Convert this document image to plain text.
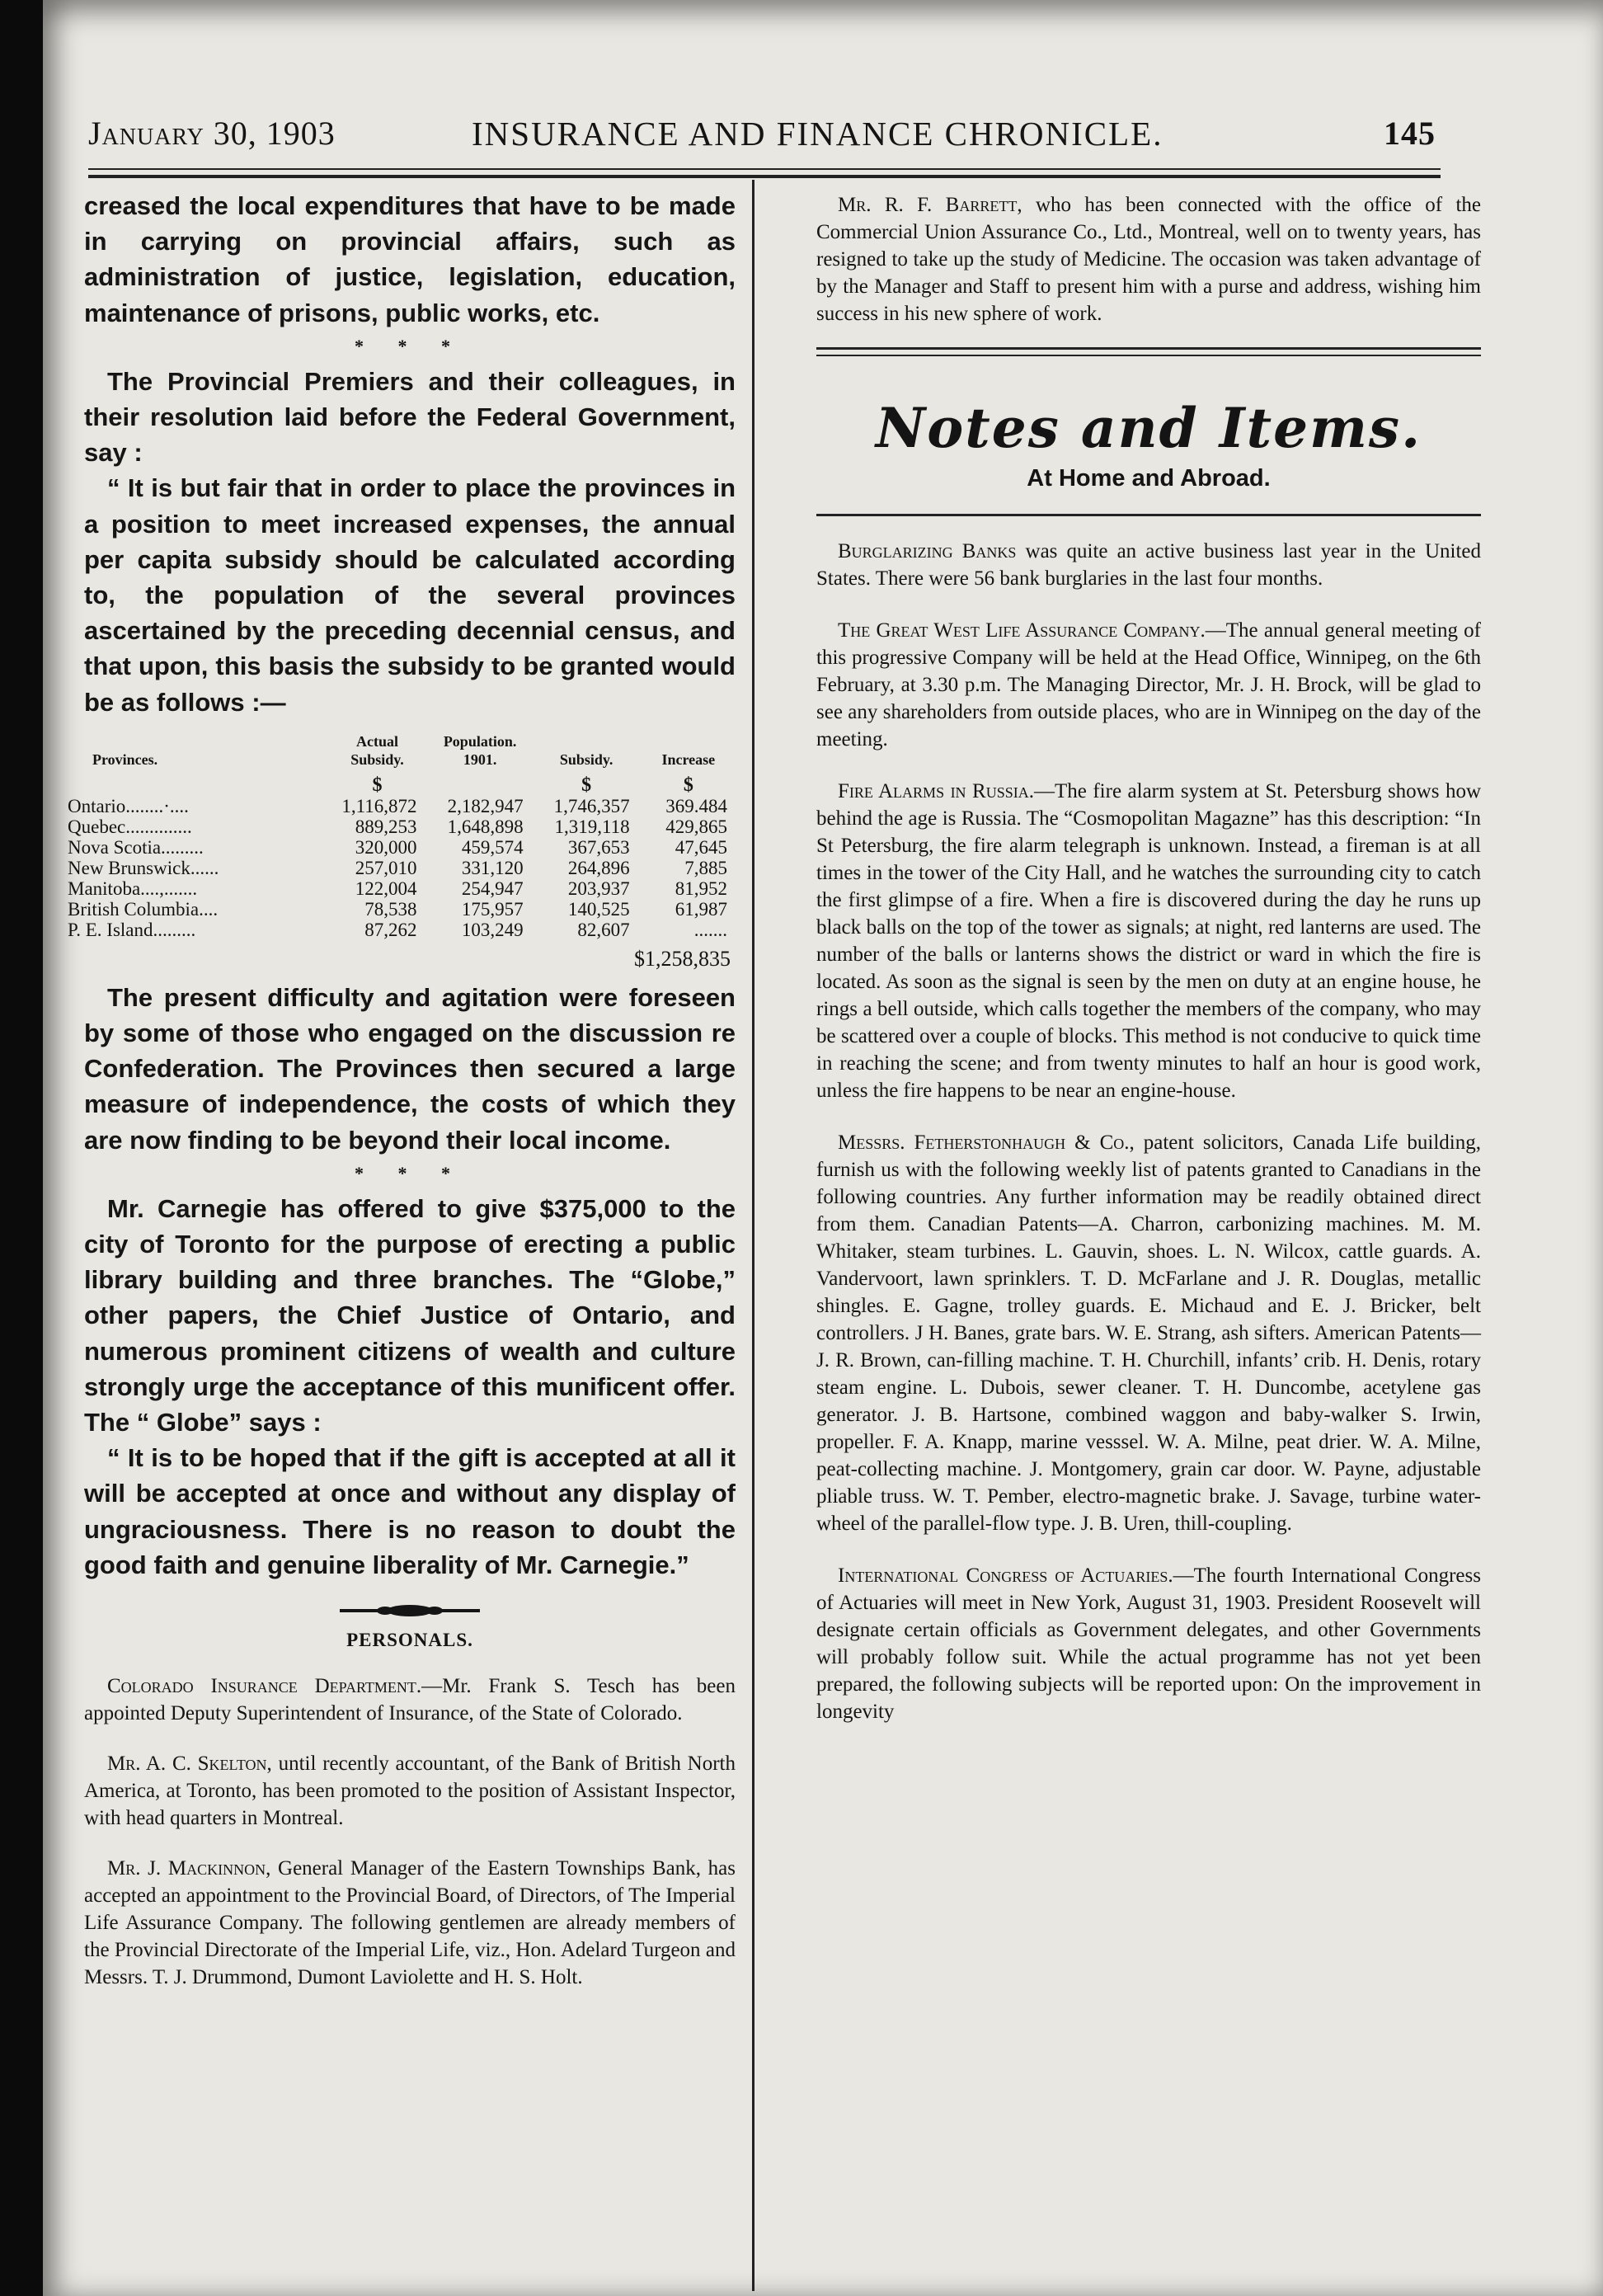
January 30, 1903	INSURANCE AND FINANCE CHRONICLE.	145

creased the local expenditures that have to be made in carrying on provincial affairs, such as administration of justice, legislation, education, maintenance of prisons, public works, etc.

* * *

The Provincial Premiers and their colleagues, in their resolution laid before the Federal Government, say :

“ It is but fair that in order to place the provinces in a position to meet increased expenses, the annual per capita subsidy should be calculated according to, the population of the several provinces ascertained by the preceding decennial census, and that upon, this basis the subsidy to be granted would be as follows :—

Provinces.	Actual Subsidy.	Population. 1901.	Subsidy.	Increase
	$		$	$
Ontario........·....	1,116,872	2,182,947	1,746,357	369.484
Quebec..............	889,253	1,648,898	1,319,118	429,865
Nova Scotia.........	320,000	459,574	367,653	47,645
New Brunswick......	257,010	331,120	264,896	7,885
Manitoba....,.......	122,004	254,947	203,937	81,952
British Columbia....	78,538	175,957	140,525	61,987
P. E. Island.........	87,262	103,249	82,607	.......
$1,258,835

The present difficulty and agitation were foreseen by some of those who engaged on the discussion re Confederation. The Provinces then secured a large measure of independence, the costs of which they are now finding to be beyond their local income.

* * *

Mr. Carnegie has offered to give $375,000 to the city of Toronto for the purpose of erecting a public library building and three branches. The “Globe,” other papers, the Chief Justice of Ontario, and numerous prominent citizens of wealth and culture strongly urge the acceptance of this munificent offer. The “ Globe” says :

“ It is to be hoped that if the gift is accepted at all it will be accepted at once and without any display of ungraciousness. There is no reason to doubt the good faith and genuine liberality of Mr. Carnegie.”

PERSONALS.

Colorado Insurance Department.—Mr. Frank S. Tesch has been appointed Deputy Superintendent of Insurance, of the State of Colorado.

Mr. A. C. Skelton, until recently accountant, of the Bank of British North America, at Toronto, has been promoted to the position of Assistant Inspector, with head quarters in Montreal.

Mr. J. Mackinnon, General Manager of the Eastern Townships Bank, has accepted an appointment to the Provincial Board, of Directors, of The Imperial Life Assurance Company. The following gentlemen are already members of the Provincial Directorate of the Imperial Life, viz., Hon. Adelard Turgeon and Messrs. T. J. Drummond, Dumont Laviolette and H. S. Holt.

Mr. R. F. Barrett, who has been connected with the office of the Commercial Union Assurance Co., Ltd., Montreal, well on to twenty years, has resigned to take up the study of Medicine. The occasion was taken advantage of by the Manager and Staff to present him with a purse and address, wishing him success in his new sphere of work.

Notes and Items.
At Home and Abroad.

Burglarizing Banks was quite an active business last year in the United States. There were 56 bank burglaries in the last four months.

The Great West Life Assurance Company.—The annual general meeting of this progressive Company will be held at the Head Office, Winnipeg, on the 6th February, at 3.30 p.m. The Managing Director, Mr. J. H. Brock, will be glad to see any shareholders from outside places, who are in Winnipeg on the day of the meeting.

Fire Alarms in Russia.—The fire alarm system at St. Petersburg shows how behind the age is Russia. The “Cosmopolitan Magazne” has this description: “In St Petersburg, the fire alarm telegraph is unknown. Instead, a fireman is at all times in the tower of the City Hall, and he watches the surrounding city to catch the first glimpse of a fire. When a fire is discovered during the day he runs up black balls on the top of the tower as signals; at night, red lanterns are used. The number of the balls or lanterns shows the district or ward in which the fire is located. As soon as the signal is seen by the men on duty at an engine house, he rings a bell outside, which calls together the members of the company, who may be scattered over a couple of blocks. This method is not conducive to quick time in reaching the scene; and from twenty minutes to half an hour is good work, unless the fire happens to be near an engine-house.

Messrs. Fetherstonhaugh & Co., patent solicitors, Canada Life building, furnish us with the following weekly list of patents granted to Canadians in the following countries. Any further information may be readily obtained direct from them. Canadian Patents—A. Charron, carbonizing machines. M. M. Whitaker, steam turbines. L. Gauvin, shoes. L. N. Wilcox, cattle guards. A. Vandervoort, lawn sprinklers. T. D. McFarlane and J. R. Douglas, metallic shingles. E. Gagne, trolley guards. E. Michaud and E. J. Bricker, belt controllers. J H. Banes, grate bars. W. E. Strang, ash sifters. American Patents—J. R. Brown, can-filling machine. T. H. Churchill, infants’ crib. H. Denis, rotary steam engine. L. Dubois, sewer cleaner. T. H. Duncombe, acetylene gas generator. J. B. Hartsone, combined waggon and baby-walker S. Irwin, propeller. F. A. Knapp, marine vesssel. W. A. Milne, peat drier. W. A. Milne, peat-collecting machine. J. Montgomery, grain car door. W. Payne, adjustable pliable truss. W. T. Pember, electro-magnetic brake. J. Savage, turbine water-wheel of the parallel-flow type. J. B. Uren, thill-coupling.

International Congress of Actuaries.—The fourth International Congress of Actuaries will meet in New York, August 31, 1903. President Roosevelt will designate certain officials as Government delegates, and other Governments will probably follow suit. While the actual programme has not yet been prepared, the following subjects will be reported upon: On the improvement in longevity
